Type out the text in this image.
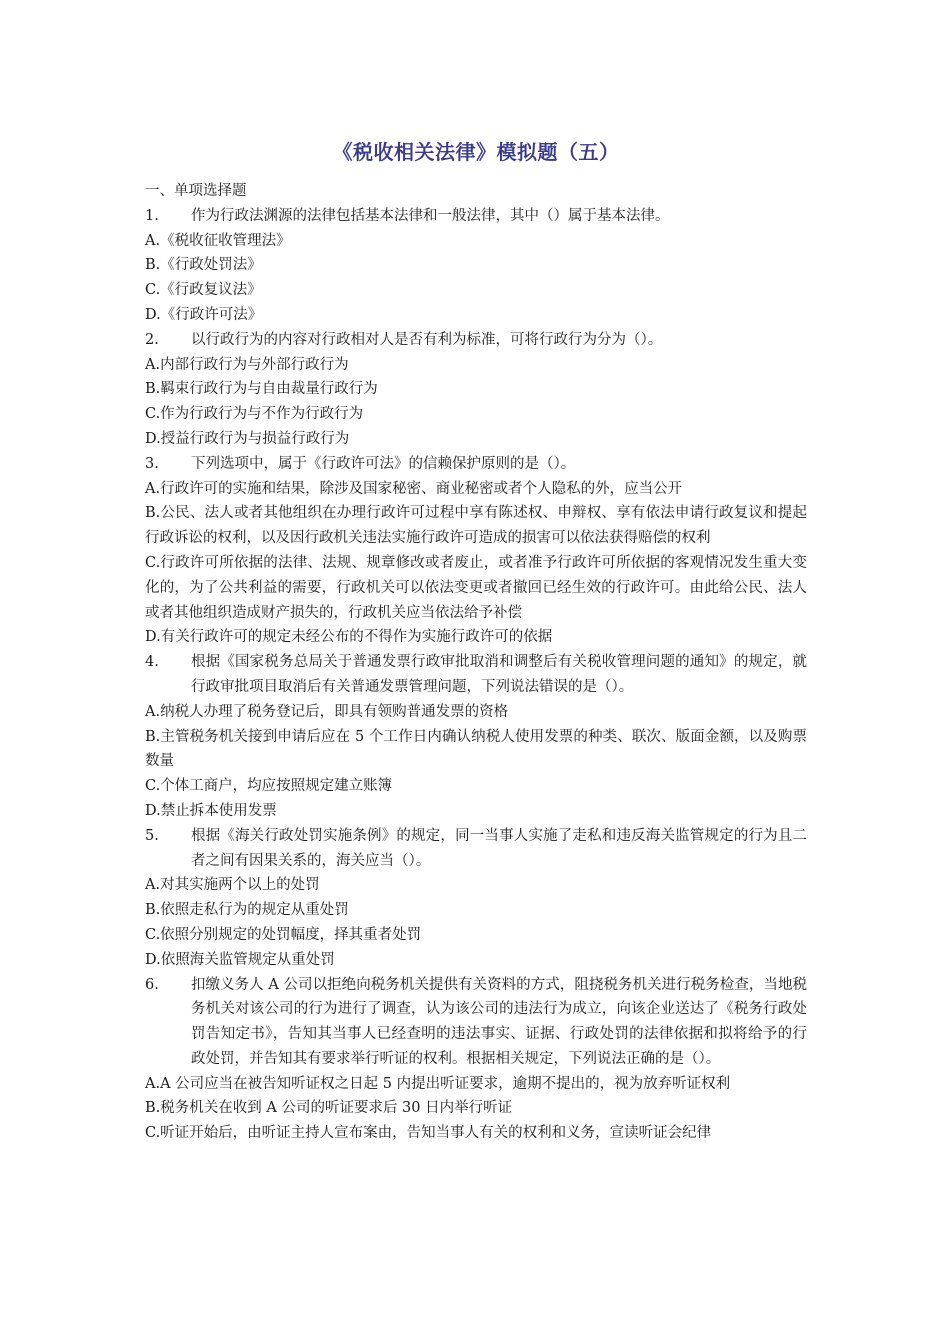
《税收相关法律》模拟题（五）
一、单项选择题
1.	作为行政法渊源的法律包括基本法律和一般法律，其中（）属于基本法律。
A.《税收征收管理法》
B.《行政处罚法》
C.《行政复议法》
D.《行政许可法》
2.	以行政行为的内容对行政相对人是否有利为标准，可将行政行为分为（）。
A.内部行政行为与外部行政行为
B.羁束行政行为与自由裁量行政行为
C.作为行政行为与不作为行政行为
D.授益行政行为与损益行政行为
3.	下列选项中，属于《行政许可法》的信赖保护原则的是（）。
A.行政许可的实施和结果，除涉及国家秘密、商业秘密或者个人隐私的外，应当公开
B.公民、法人或者其他组织在办理行政许可过程中享有陈述权、申辩权、享有依法申请行政复议和提起行政诉讼的权利，以及因行政机关违法实施行政许可造成的损害可以依法获得赔偿的权利
C.行政许可所依据的法律、法规、规章修改或者废止，或者准予行政许可所依据的客观情况发生重大变化的，为了公共利益的需要，行政机关可以依法变更或者撤回已经生效的行政许可。由此给公民、法人或者其他组织造成财产损失的，行政机关应当依法给予补偿
D.有关行政许可的规定未经公布的不得作为实施行政许可的依据
4.	根据《国家税务总局关于普通发票行政审批取消和调整后有关税收管理问题的通知》的规定，就行政审批项目取消后有关普通发票管理问题，下列说法错误的是（）。
A.纳税人办理了税务登记后，即具有领购普通发票的资格
B.主管税务机关接到申请后应在 5 个工作日内确认纳税人使用发票的种类、联次、版面金额，以及购票数量
C.个体工商户，均应按照规定建立账簿
D.禁止拆本使用发票
5.	根据《海关行政处罚实施条例》的规定，同一当事人实施了走私和违反海关监管规定的行为且二者之间有因果关系的，海关应当（）。
A.对其实施两个以上的处罚
B.依照走私行为的规定从重处罚
C.依照分别规定的处罚幅度，择其重者处罚
D.依照海关监管规定从重处罚
6.	扣缴义务人 A 公司以拒绝向税务机关提供有关资料的方式，阻挠税务机关进行税务检查，当地税务机关对该公司的行为进行了调查，认为该公司的违法行为成立，向该企业送达了《税务行政处罚告知定书》，告知其当事人已经查明的违法事实、证据、行政处罚的法律依据和拟将给予的行政处罚，并告知其有要求举行听证的权利。根据相关规定，下列说法正确的是（）。
A.A 公司应当在被告知听证权之日起 5 内提出听证要求，逾期不提出的，视为放弃听证权利
B.税务机关在收到 A 公司的听证要求后 30 日内举行听证
C.听证开始后，由听证主持人宣布案由，告知当事人有关的权利和义务，宣读听证会纪律
